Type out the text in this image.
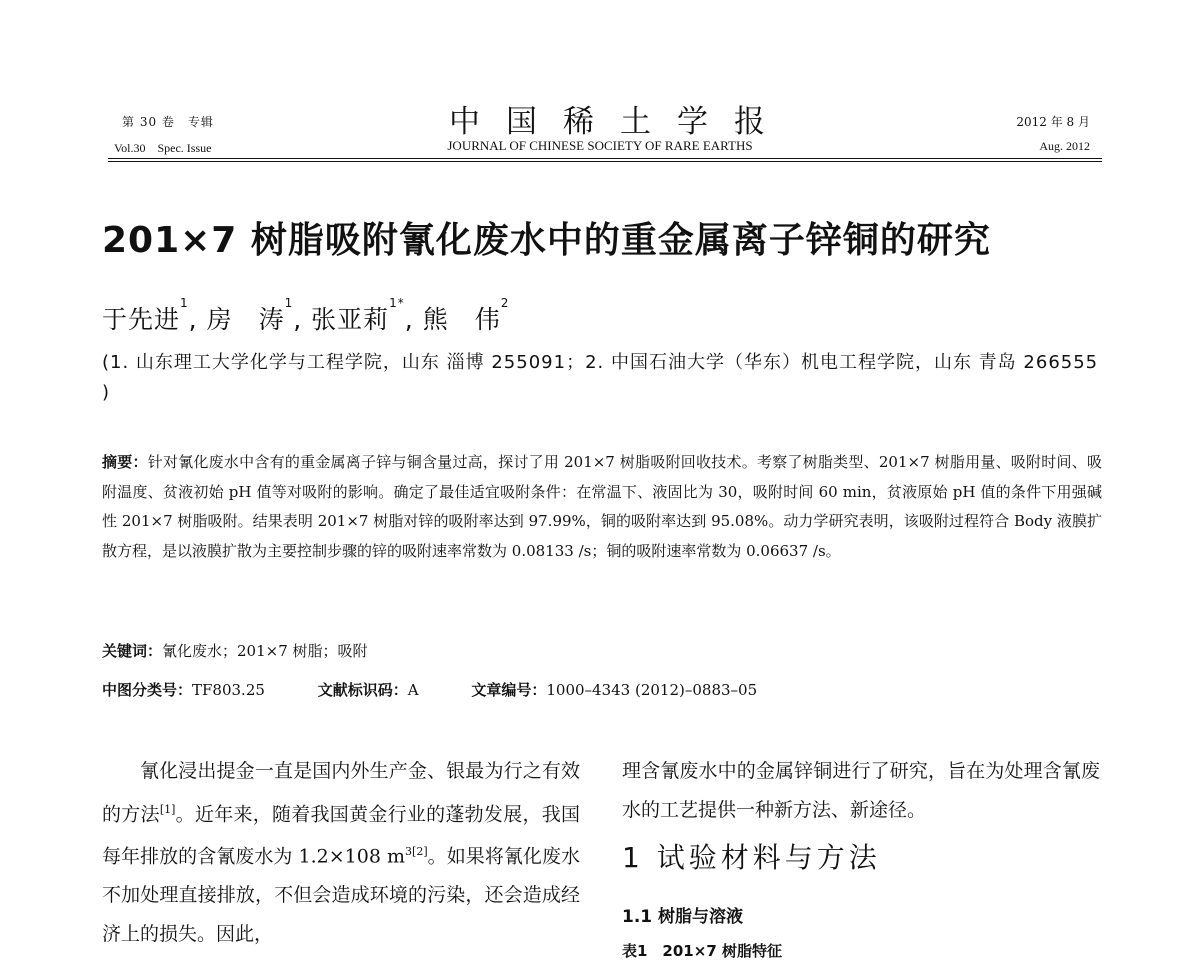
第 30 卷　专辑
Vol.30　Spec. Issue
中国稀土学报
JOURNAL OF CHINESE SOCIETY OF RARE EARTHS
2012 年 8 月
Aug. 2012
201×7 树脂吸附氰化废水中的重金属离子锌铜的研究
于先进$^1$, 房　涛$^1$, 张亚莉$^{1*}$, 熊　伟$^2$
(1. 山东理工大学化学与工程学院，山东 淄博 255091；2. 中国石油大学（华东）机电工程学院，山东 青岛 266555 )
摘要：针对氰化废水中含有的重金属离子锌与铜含量过高，探讨了用 201×7 树脂吸附回收技术。考察了树脂类型、201×7 树脂用量、吸附时间、吸附温度、贫液初始 pH 值等对吸附的影响。确定了最佳适宜吸附条件：在常温下、液固比为 30，吸附时间 60 min，贫液原始 pH 值的条件下用强碱性 201×7 树脂吸附。结果表明 201×7 树脂对锌的吸附率达到 97.99%，铜的吸附率达到 95.08%。动力学研究表明，该吸附过程符合 Body 液膜扩散方程，是以液膜扩散为主要控制步骤的锌的吸附速率常数为 0.08133 /s；铜的吸附速率常数为 0.06637 /s。
关键词：氰化废水；201×7 树脂；吸附
中图分类号：TF803.25	文献标识码：A	文章编号：1000–4343 (2012)–0883–05

氰化浸出提金一直是国内外生产金、银最为行之有效的方法[1]。近年来，随着我国黄金行业的蓬勃发展，我国每年排放的含氰废水为 1.2×108 $m^{3[2]}$。如果将氰化废水不加处理直接排放，不但会造成环境的污染，还会造成经济上的损失。因此，

理含氰废水中的金属锌铜进行了研究，旨在为处理含氰废水的工艺提供一种新方法、新途径。

1 试验材料与方法
1.1 树脂与溶液
表1　201×7 树脂特征
